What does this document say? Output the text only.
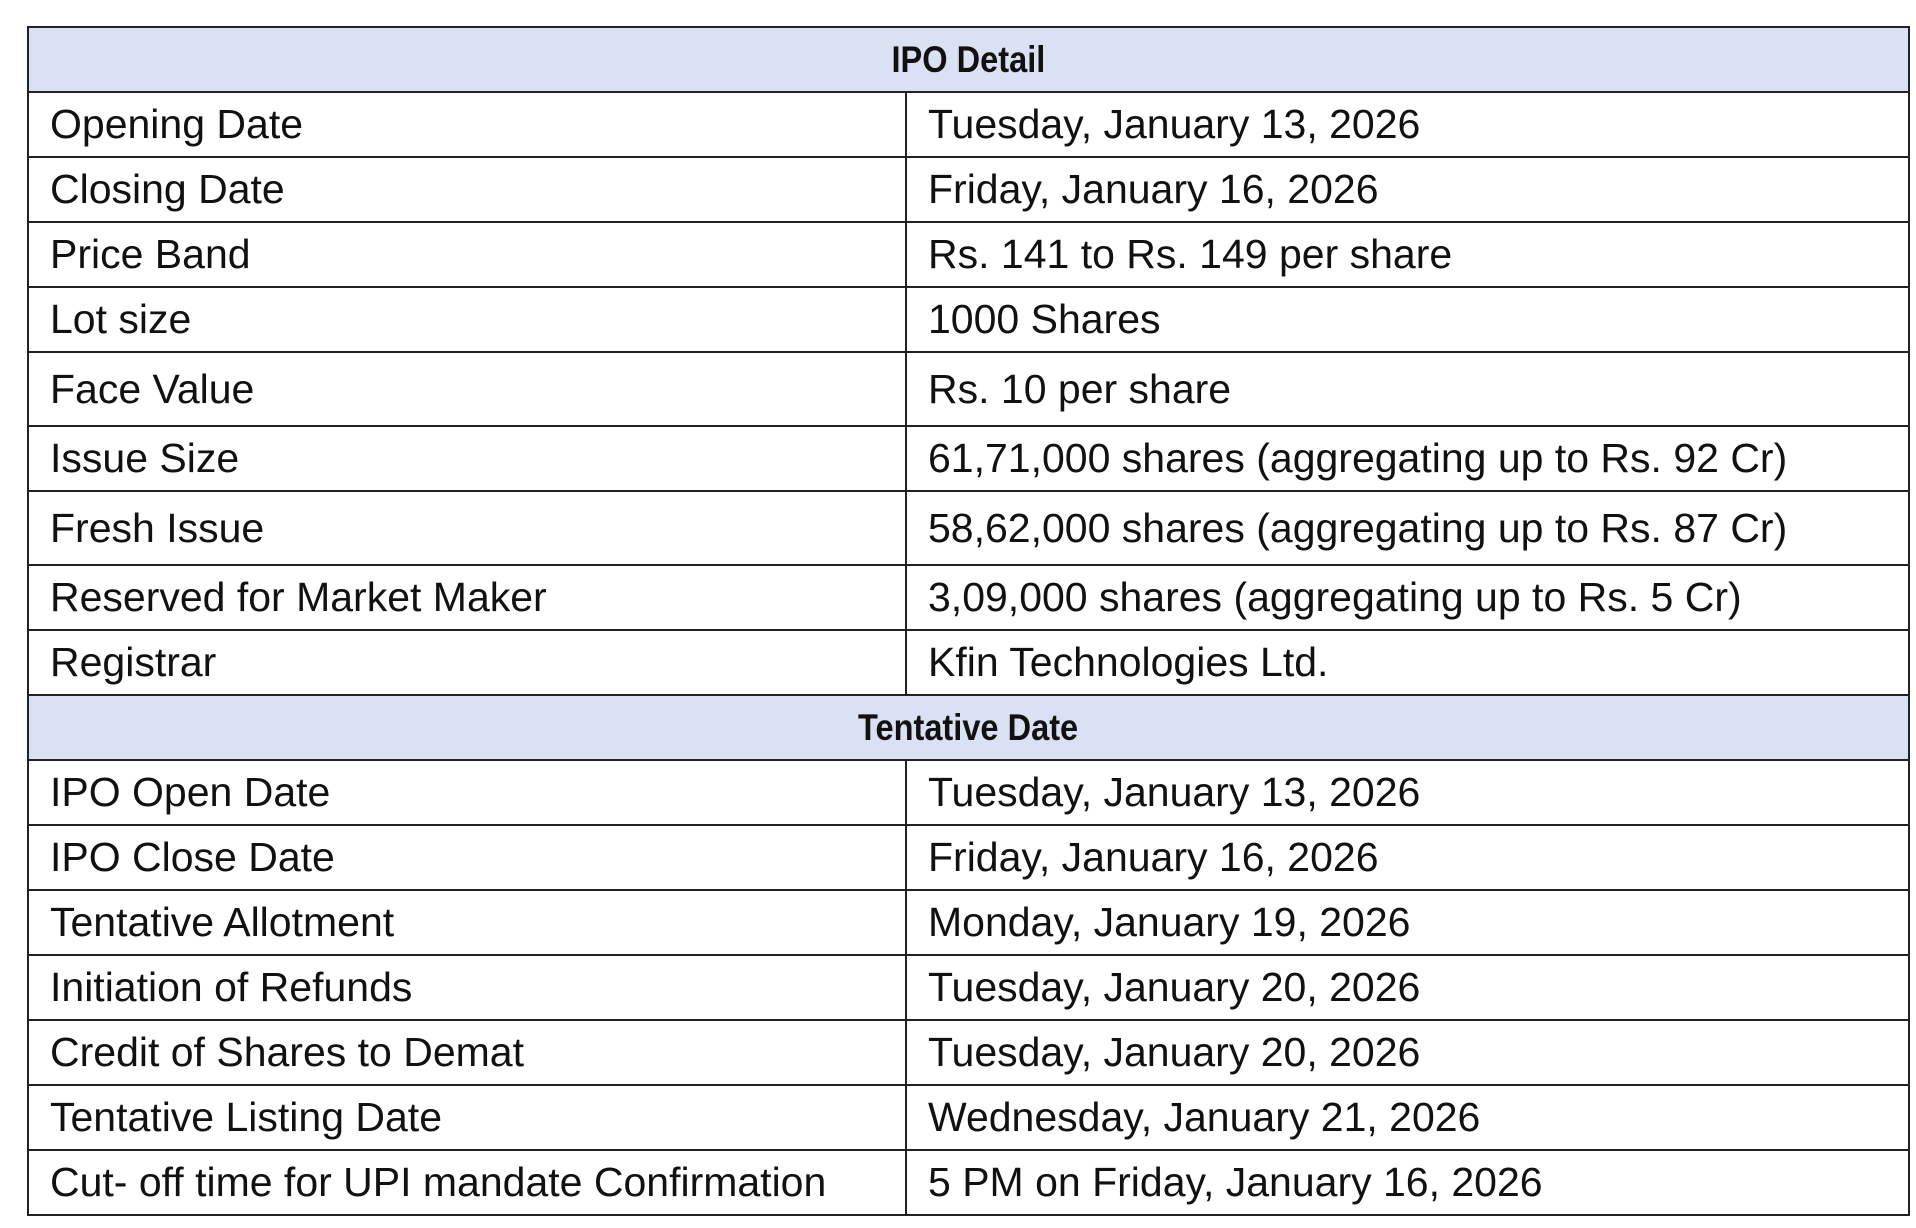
IPO Detail	
Opening Date	Tuesday, January 13, 2026
Closing Date	Friday, January 16, 2026
Price Band	Rs. 141 to Rs. 149 per share
Lot size	1000 Shares
Face Value	Rs. 10 per share
Issue Size	61,71,000 shares (aggregating up to Rs. 92 Cr)
Fresh Issue	58,62,000 shares (aggregating up to Rs. 87 Cr)
Reserved for Market Maker	3,09,000 shares (aggregating up to Rs. 5 Cr)
Registrar	Kfin Technologies Ltd.
Tentative Date	
IPO Open Date	Tuesday, January 13, 2026
IPO Close Date	Friday, January 16, 2026
Tentative Allotment	Monday, January 19, 2026
Initiation of Refunds	Tuesday, January 20, 2026
Credit of Shares to Demat	Tuesday, January 20, 2026
Tentative Listing Date	Wednesday, January 21, 2026
Cut- off time for UPI mandate Confirmation	5 PM on Friday, January 16, 2026
